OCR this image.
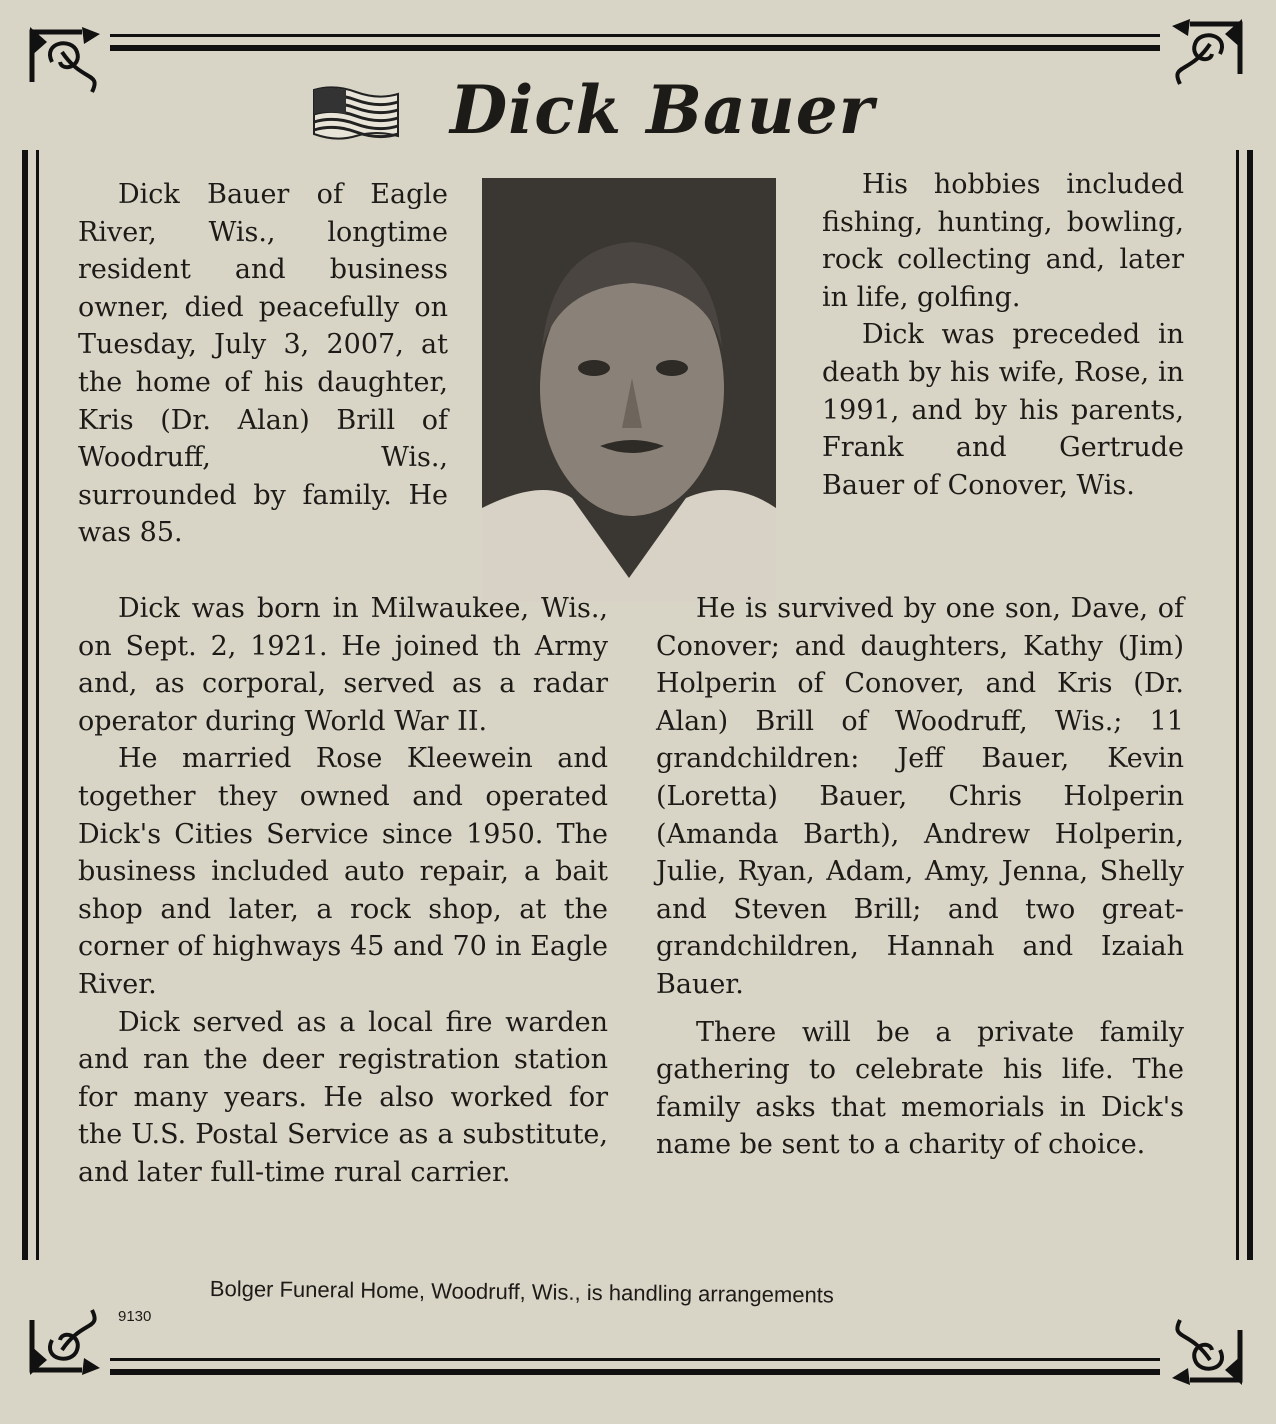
Dick Bauer

Dick Bauer of Eagle River, Wis., longtime resident and business owner, died peacefully on Tuesday, July 3, 2007, at the home of his daughter, Kris (Dr. Alan) Brill of Woodruff, Wis., surrounded by family. He was 85.

Dick was born in Milwaukee, Wis., on Sept. 2, 1921. He joined th Army and, as corporal, served as a radar operator during World War II.

He married Rose Kleewein and together they owned and operated Dick's Cities Service since 1950. The business included auto repair, a bait shop and later, a rock shop, at the corner of highways 45 and 70 in Eagle River.

Dick served as a local fire warden and ran the deer registration station for many years. He also worked for the U.S. Postal Service as a substitute, and later full-time rural carrier.

His hobbies included fishing, hunting, bowling, rock collecting and, later in life, golfing.

Dick was preceded in death by his wife, Rose, in 1991, and by his parents, Frank and Gertrude Bauer of Conover, Wis.

He is survived by one son, Dave, of Conover; and daughters, Kathy (Jim) Holperin of Conover, and Kris (Dr. Alan) Brill of Woodruff, Wis.; 11 grandchildren: Jeff Bauer, Kevin (Loretta) Bauer, Chris Holperin (Amanda Barth), Andrew Holperin, Julie, Ryan, Adam, Amy, Jenna, Shelly and Steven Brill; and two great-grandchildren, Hannah and Izaiah Bauer.

There will be a private family gathering to celebrate his life. The family asks that memorials in Dick's name be sent to a charity of choice.

Bolger Funeral Home, Woodruff, Wis., is handling arrangements
9130
